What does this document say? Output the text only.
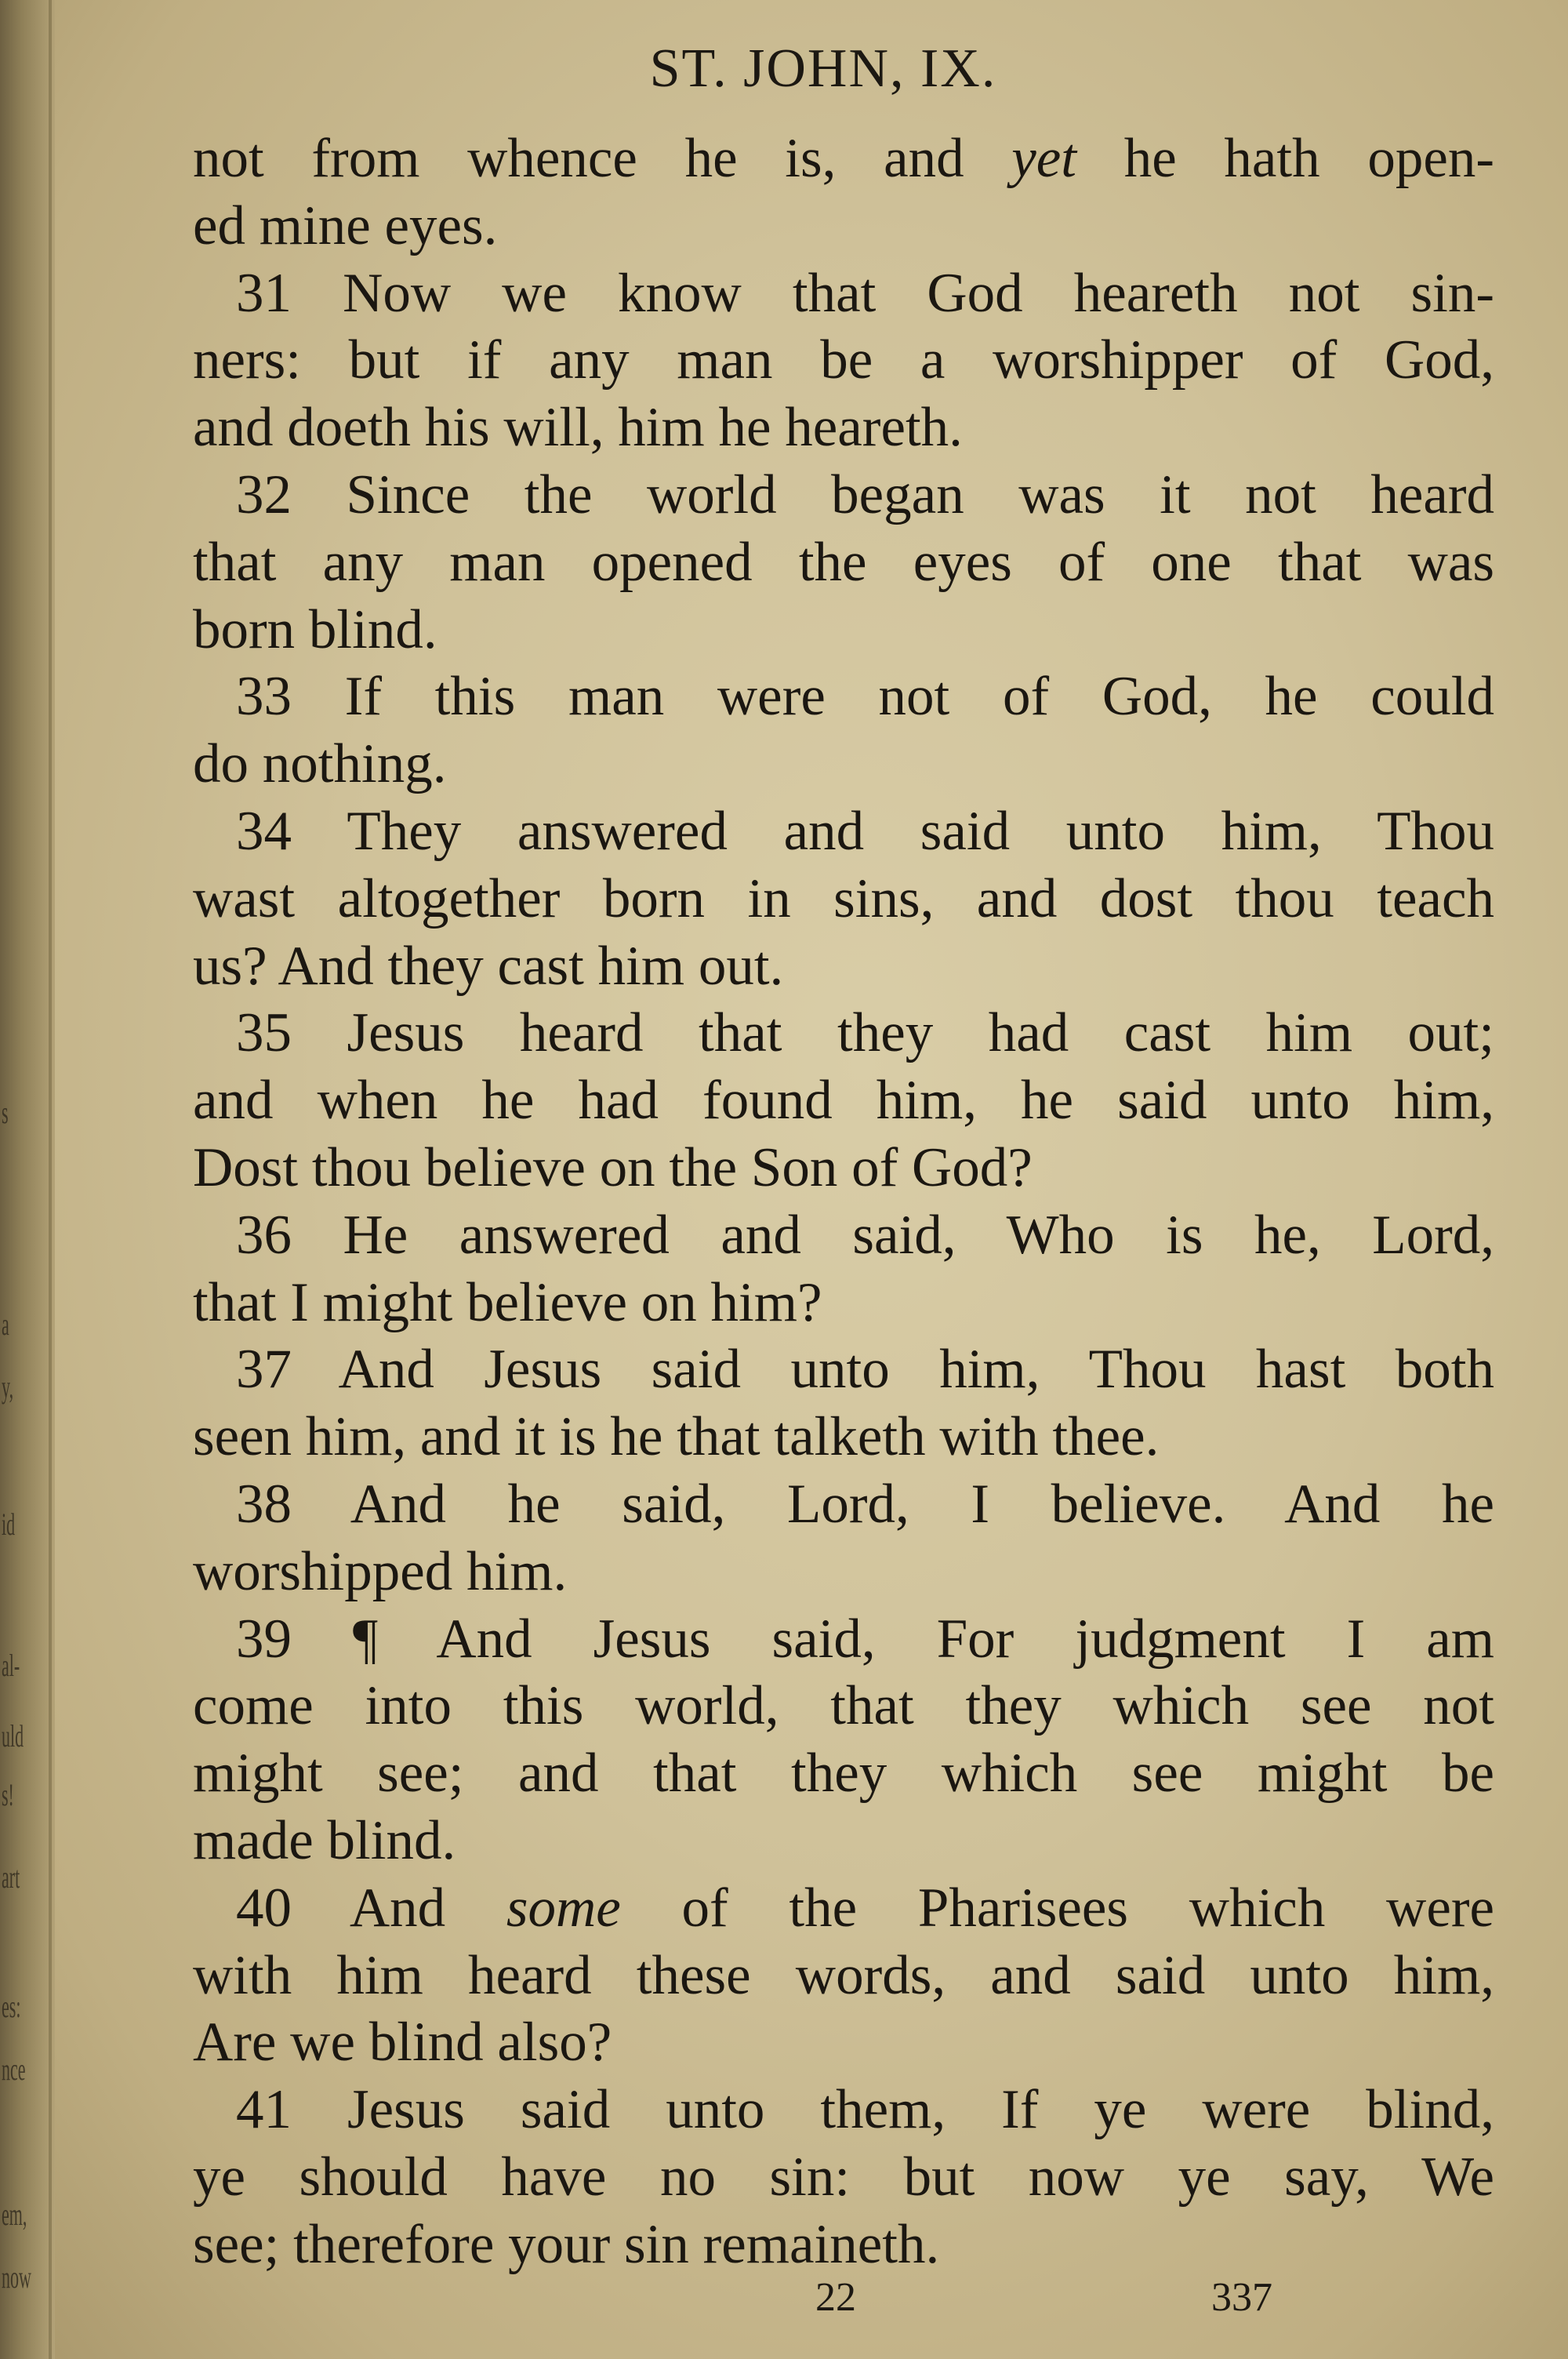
s
a
y,
id
al-
uld
s!
art
es:
nce
em,
now
ST. JOHN, IX.
not from whence he is, and yet he hath open-
ed mine eyes.
31 Now we know that God heareth not sin-
ners: but if any man be a worshipper of God,
and doeth his will, him he heareth.
32 Since the world began was it not heard
that any man opened the eyes of one that was
born blind.
33 If this man were not of God, he could
do nothing.
34 They answered and said unto him, Thou
wast altogether born in sins, and dost thou teach
us? And they cast him out.
35 Jesus heard that they had cast him out;
and when he had found him, he said unto him,
Dost thou believe on the Son of God?
36 He answered and said, Who is he, Lord,
that I might believe on him?
37 And Jesus said unto him, Thou hast both
seen him, and it is he that talketh with thee.
38 And he said, Lord, I believe. And he
worshipped him.
39 ¶ And Jesus said, For judgment I am
come into this world, that they which see not
might see; and that they which see might be
made blind.
40 And some of the Pharisees which were
with him heard these words, and said unto him,
Are we blind also?
41 Jesus said unto them, If ye were blind,
ye should have no sin: but now ye say, We
see; therefore your sin remaineth.
22	337
